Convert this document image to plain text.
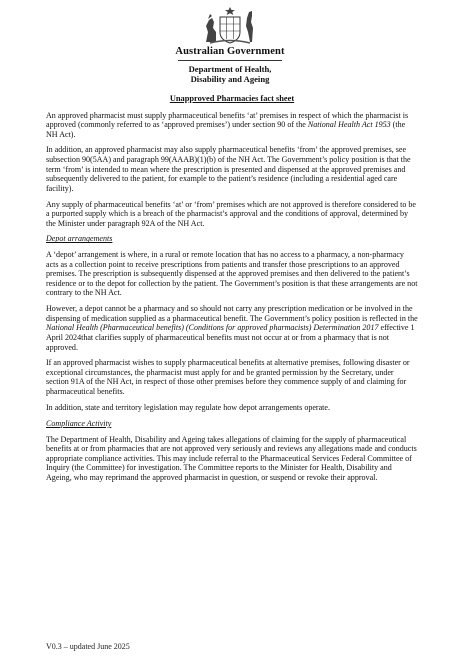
Australian Government
Department of Health,
Disability and Ageing
Unapproved Pharmacies fact sheet

An approved pharmacist must supply pharmaceutical benefits ‘at’ premises in respect of which the pharmacist is approved (commonly referred to as ‘approved premises’) under section 90 of the National Health Act 1953 (the NH Act).

In addition, an approved pharmacist may also supply pharmaceutical benefits ‘from’ the approved premises, see subsection 90(5AA) and paragraph 99(AAAB)(1)(b) of the NH Act. The Government’s policy position is that the term ‘from’ is intended to mean where the prescription is presented and dispensed at the approved premises and subsequently delivered to the patient, for example to the patient’s residence (including a residential aged care facility).

Any supply of pharmaceutical benefits ‘at’ or ‘from’ premises which are not approved is therefore considered to be a purported supply which is a breach of the pharmacist’s approval and the conditions of approval, determined by the Minister under paragraph 92A of the NH Act.

Depot arrangements

A ‘depot’ arrangement is where, in a rural or remote location that has no access to a pharmacy, a non-pharmacy acts as a collection point to receive prescriptions from patients and transfer those prescriptions to an approved premises. The prescription is subsequently dispensed at the approved premises and then delivered to the patient’s residence or to the depot for collection by the patient. The Government’s position is that these arrangements are not contrary to the NH Act.

However, a depot cannot be a pharmacy and so should not carry any prescription medication or be involved in the dispensing of medication supplied as a pharmaceutical benefit. The Government’s policy position is reflected in the National Health (Pharmaceutical benefits) (Conditions for approved pharmacists) Determination 2017 effective 1 April 2024that clarifies supply of pharmaceutical benefits must not occur at or from a pharmacy that is not approved.

If an approved pharmacist wishes to supply pharmaceutical benefits at alternative premises, following disaster or exceptional circumstances, the pharmacist must apply for and be granted permission by the Secretary, under section 91A of the NH Act, in respect of those other premises before they commence supply of and claiming for pharmaceutical benefits.

In addition, state and territory legislation may regulate how depot arrangements operate.

Compliance Activity

The Department of Health, Disability and Ageing takes allegations of claiming for the supply of pharmaceutical benefits at or from pharmacies that are not approved very seriously and reviews any allegations made and conducts appropriate compliance activities. This may include referral to the Pharmaceutical Services Federal Committee of Inquiry (the Committee) for investigation. The Committee reports to the Minister for Health, Disability and Ageing, who may reprimand the approved pharmacist in question, or suspend or revoke their approval.

V0.3 – updated June 2025
